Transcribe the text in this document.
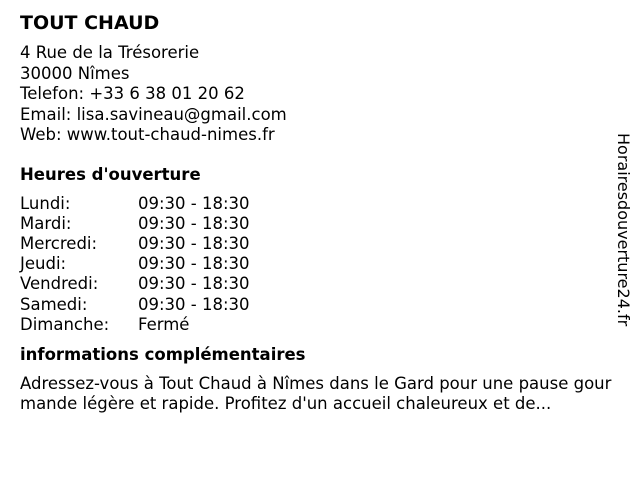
TOUT CHAUD
4 Rue de la Trésorerie
30000 Nîmes
Telefon: +33 6 38 01 20 62
Email: lisa.savineau@gmail.com
Web: www.tout-chaud-nimes.fr
Heures d'ouverture
Lundi:	09:30 - 18:30
Mardi:	09:30 - 18:30
Mercredi:	09:30 - 18:30
Jeudi:	09:30 - 18:30
Vendredi:	09:30 - 18:30
Samedi:	09:30 - 18:30
Dimanche:	Fermé
informations complémentaires

Adressez-vous à Tout Chaud à Nîmes dans le Gard pour une pause gourmande légère et rapide. Profitez d'un accueil chaleureux et de...

Horairesdouverture24.fr
